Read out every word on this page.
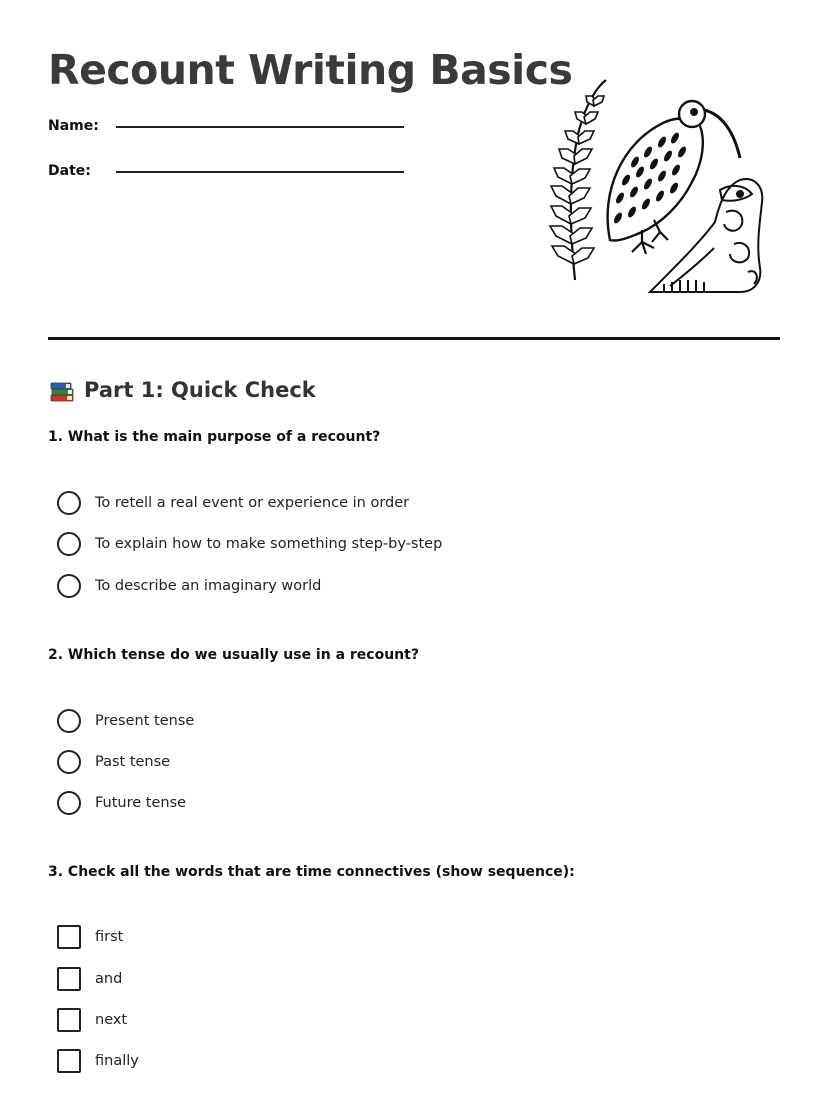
Recount Writing Basics
Name:
Date:
Part 1: Quick Check
1. What is the main purpose of a recount?
To retell a real event or experience in order
To explain how to make something step-by-step
To describe an imaginary world
2. Which tense do we usually use in a recount?
Present tense
Past tense
Future tense
3. Check all the words that are time connectives (show sequence):
first
and
next
finally
